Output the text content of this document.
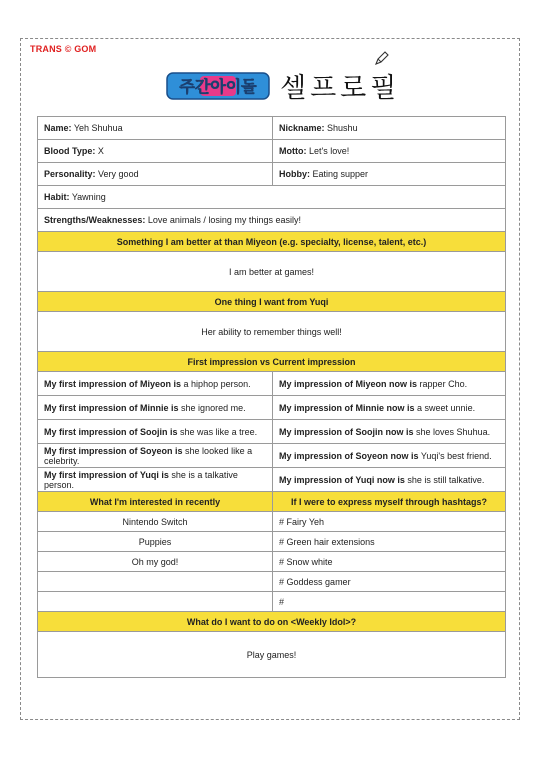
TRANS © GOM
주간아이돌 셀프로필
Name: Yeh Shuhua	Nickname: Shushu
Blood Type: X	Motto: Let's love!
Personality: Very good	Hobby: Eating supper
Habit: Yawning	
Strengths/Weaknesses: Love animals / losing my things easily!	
Something I am better at than Miyeon (e.g. specialty, license, talent, etc.)	
I am better at games!	
One thing I want from Yuqi	
Her ability to remember things well!	
First impression vs Current impression	
My first impression of Miyeon is a hiphop person.	My impression of Miyeon now is rapper Cho.
My first impression of Minnie is she ignored me.	My impression of Minnie now is a sweet unnie.
My first impression of Soojin is she was like a tree.	My impression of Soojin now is she loves Shuhua.
My first impression of Soyeon is she looked like a celebrity.	My impression of Soyeon now is Yuqi's best friend.
My first impression of Yuqi is she is a talkative person.	My impression of Yuqi now is she is still talkative.
What I'm interested in recently	If I were to express myself through hashtags?
Nintendo Switch	# Fairy Yeh
Puppies	# Green hair extensions
Oh my god!	# Snow white
	# Goddess gamer
	#
What do I want to do on <Weekly Idol>?	
Play games!	
